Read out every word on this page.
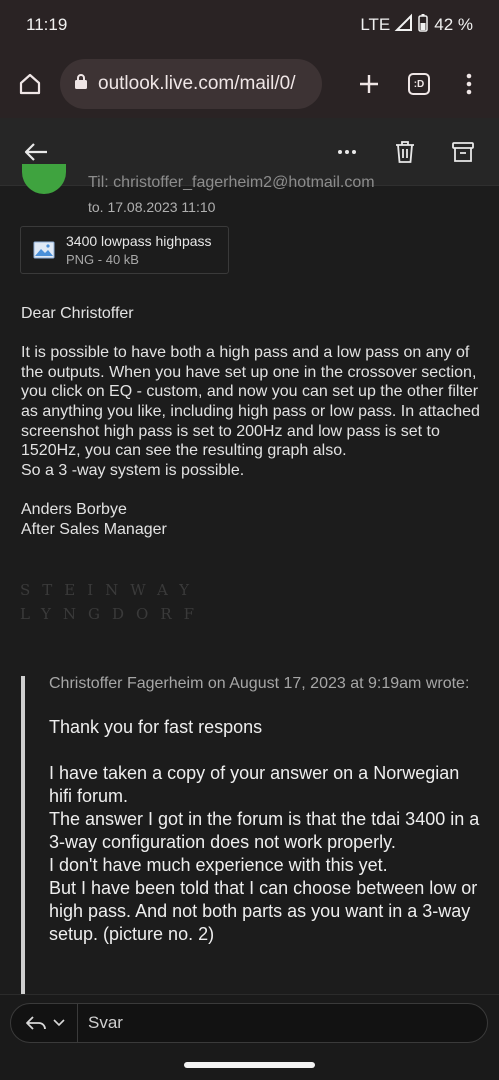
11:19	LTE	42 %
outlook.live.com/mail/0/	:D
Til: christoffer_fagerheim2@hotmail.com
to. 17.08.2023 11:10
3400 lowpass highpass
PNG - 40 kB

Dear Christoffer

It is possible to have both a high pass and a low pass on any of the outputs. When you have set up one in the crossover section, you click on EQ - custom, and now you can set up the other filter as anything you like, including high pass or low pass. In attached screenshot high pass is set to 200Hz and low pass is set to 1520Hz, you can see the resulting graph also.

So a 3 -way system is possible.

Anders Borbye

After Sales Manager

STEINWAY
LYNGDORF
Christoffer Fagerheim on August 17, 2023 at 9:19am wrote:
Thank you for fast respons
I have taken a copy of your answer on a Norwegian hifi forum.
The answer I got in the forum is that the tdai 3400 in a 3-way configuration does not work properly.
I don't have much experience with this yet.
But I have been told that I can choose between low or high pass. And not both parts as you want in a 3-way setup. (picture no. 2)
Svar
